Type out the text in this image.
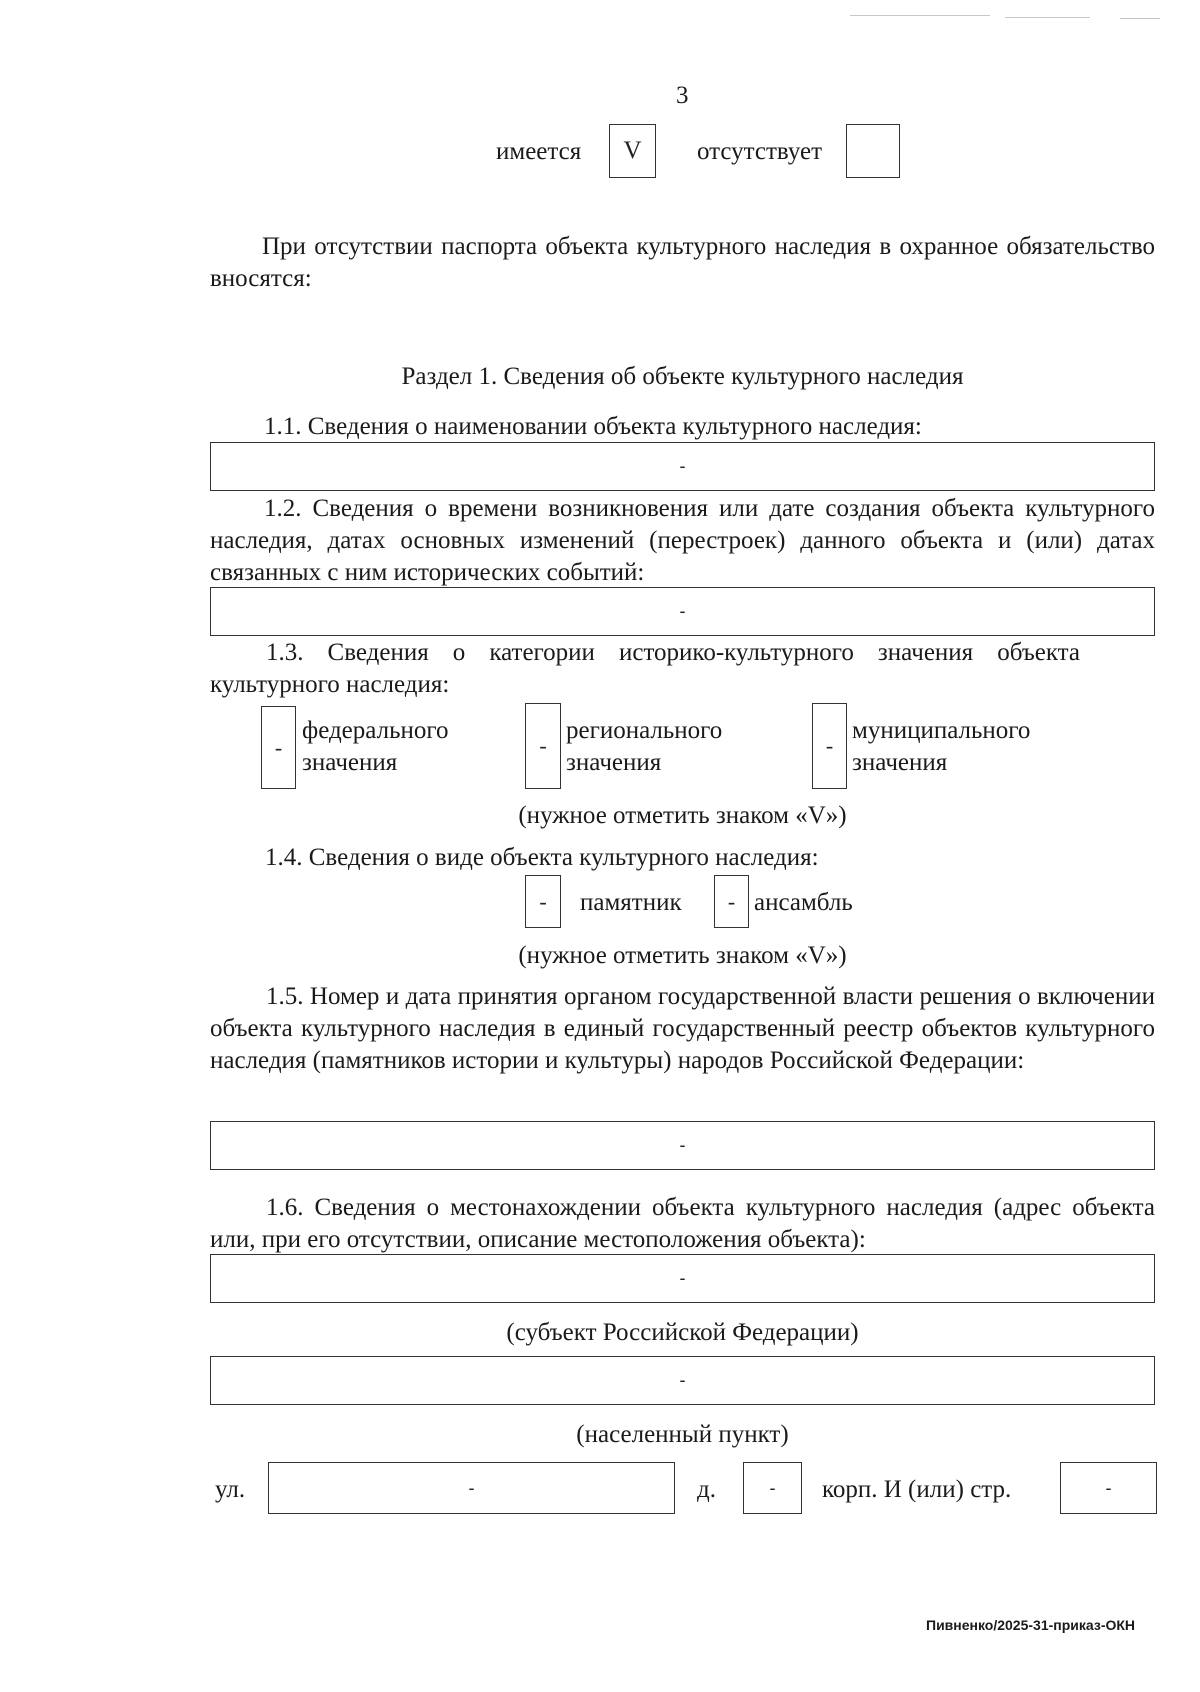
3
имеется	V	отсутствует
При отсутствии паспорта объекта культурного наследия в охранное обязательство вносятся:
Раздел 1. Сведения об объекте культурного наследия
1.1. Сведения о наименовании объекта культурного наследия:
-
1.2. Сведения о времени возникновения или дате создания объекта культурного наследия, датах основных изменений (перестроек) данного объекта и (или) датах связанных с ним исторических событий:
-
1.3. Сведения о категории историко-культурного значения объекта культурного наследия:
-
федерального
значения
-
регионального
значения
-
муниципального
значения
(нужное отметить знаком «V»)
1.4. Сведения о виде объекта культурного наследия:
-	памятник	- ансамбль
(нужное отметить знаком «V»)
1.5. Номер и дата принятия органом государственной власти решения о включении объекта культурного наследия в единый государственный реестр объектов культурного наследия (памятников истории и культуры) народов Российской Федерации:
-
1.6. Сведения о местонахождении объекта культурного наследия (адрес объекта или, при его отсутствии, описание местоположения объекта):
-
(субъект Российской Федерации)
-
(населенный пункт)
ул.	-	д.	- корп. И (или) стр.	-
Пивненко/2025-31-приказ-ОКН
